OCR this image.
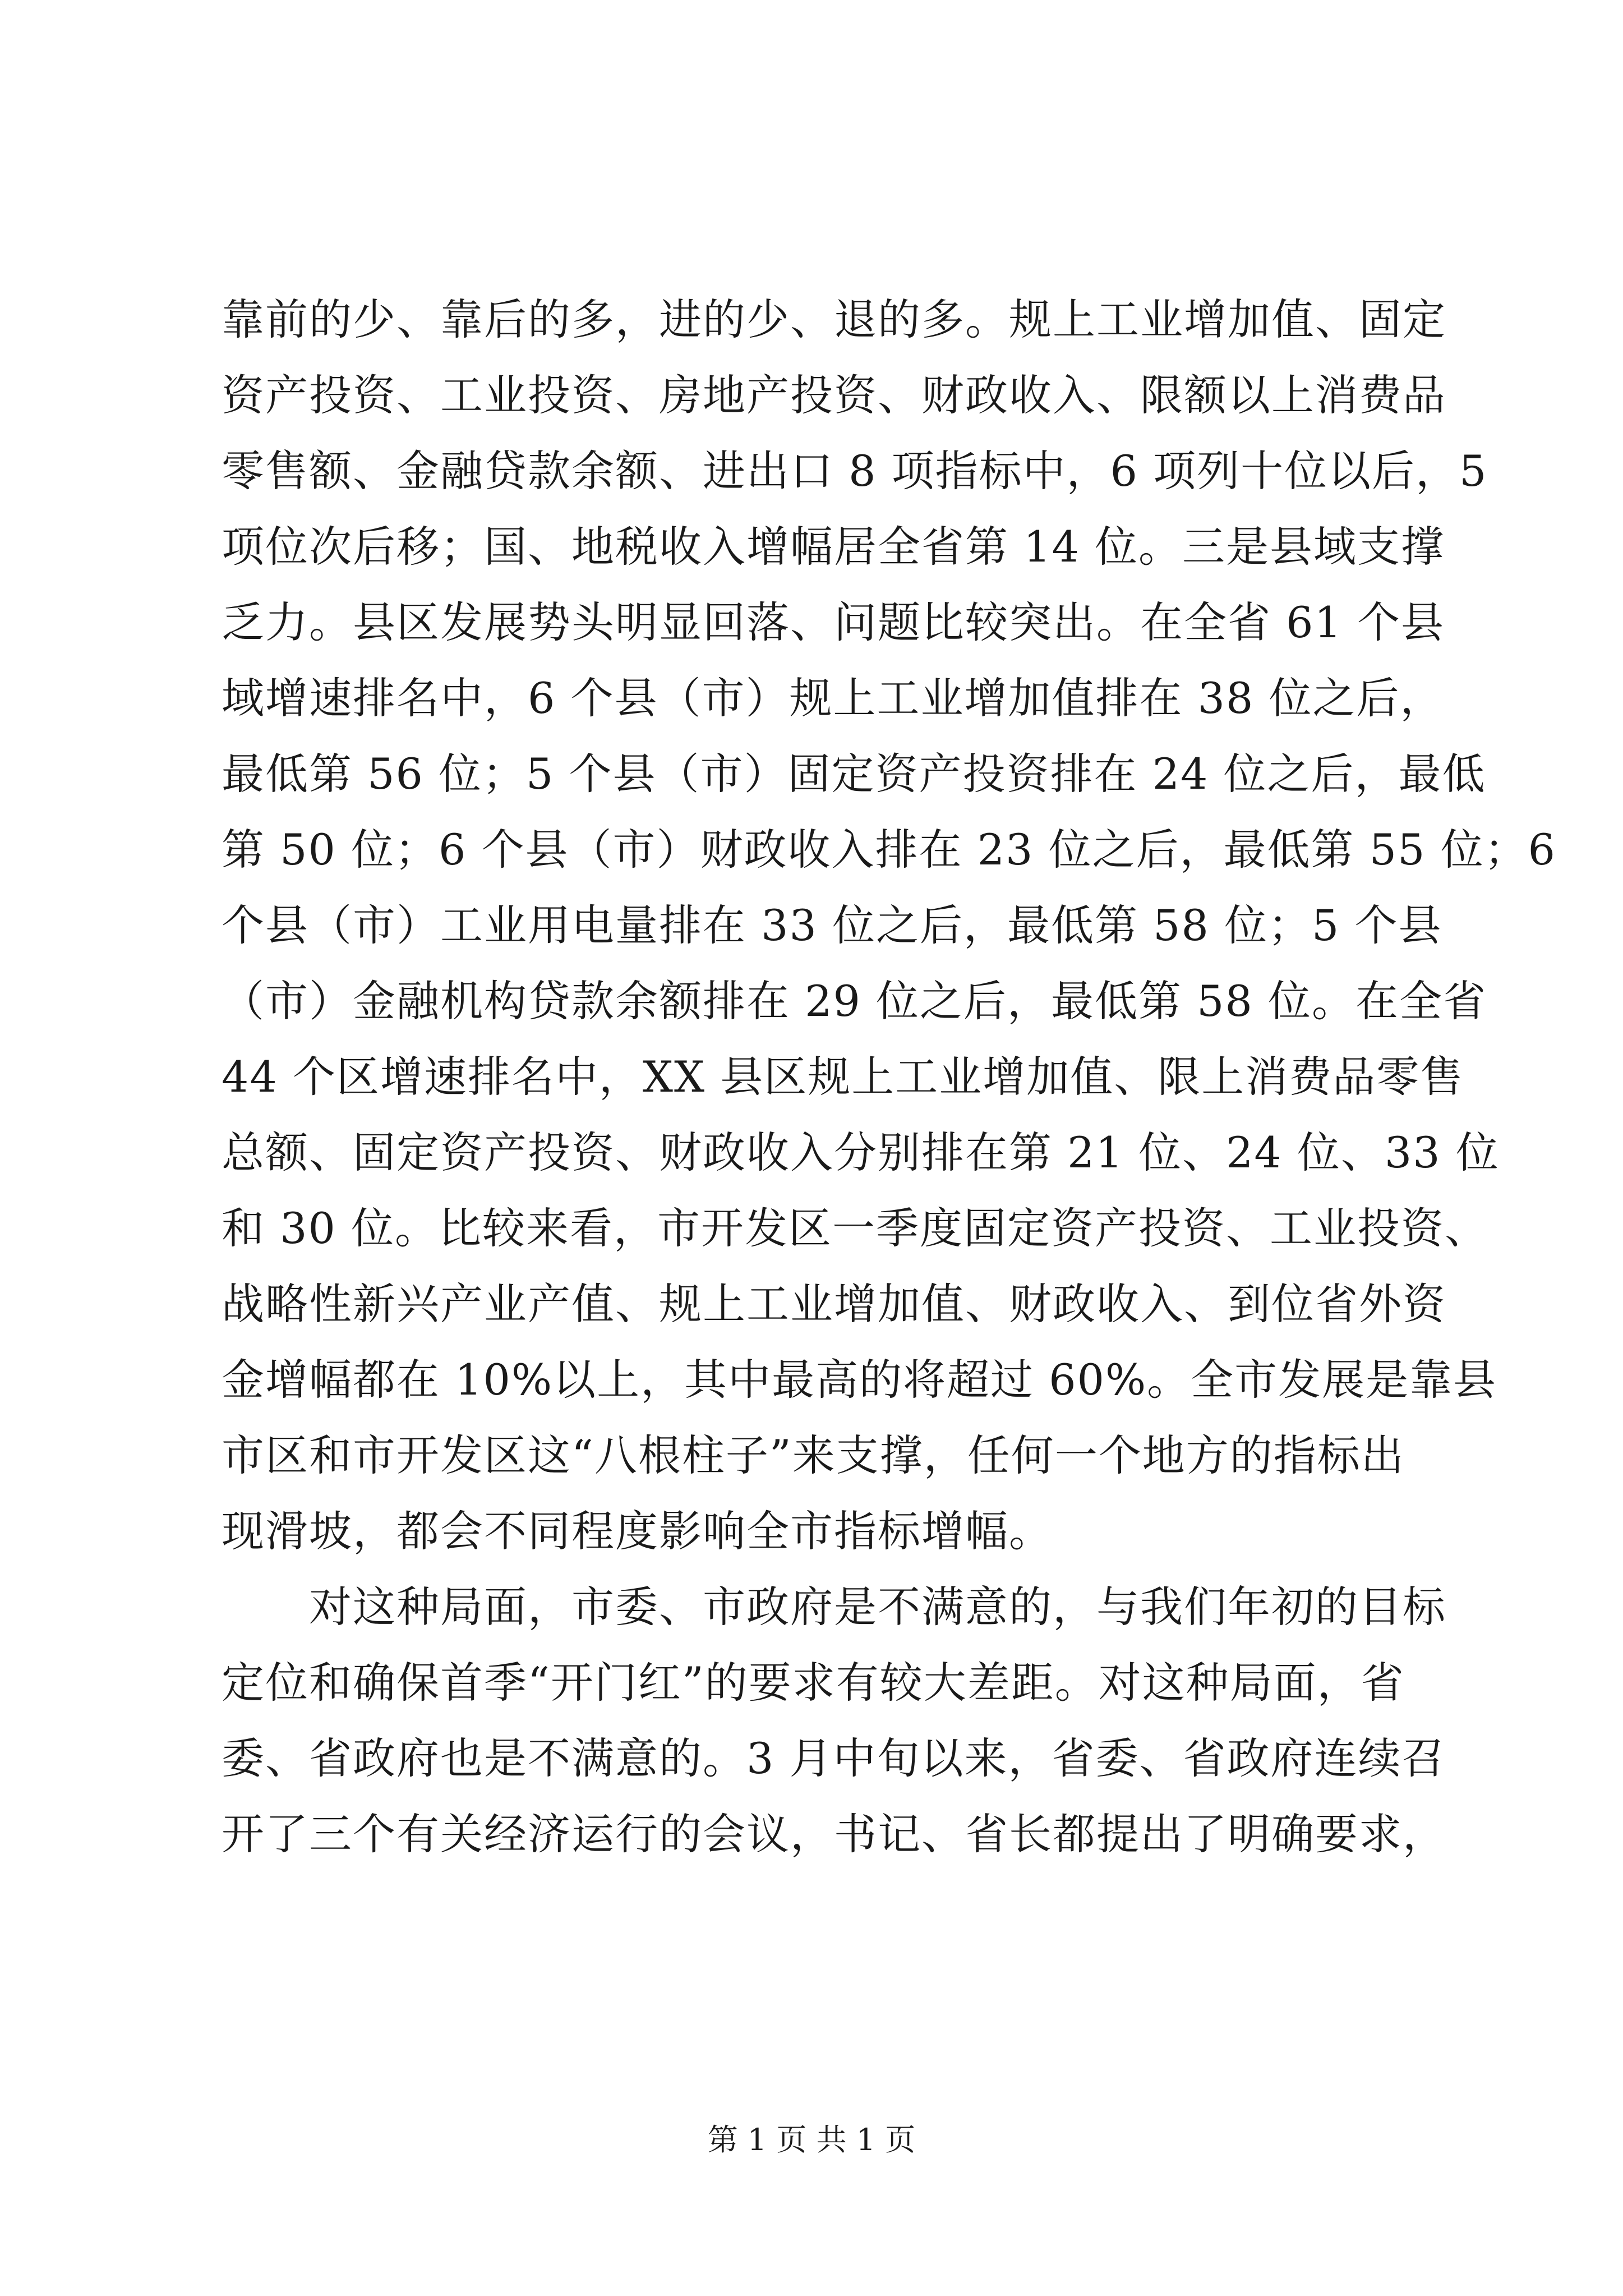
靠前的少、靠后的多，进的少、退的多。规上工业增加值、固定
资产投资、工业投资、房地产投资、财政收入、限额以上消费品
零售额、金融贷款余额、进出口 8 项指标中，6 项列十位以后，5
项位次后移；国、地税收入增幅居全省第 14 位。三是县域支撑
乏力。县区发展势头明显回落、问题比较突出。在全省 61 个县
域增速排名中，6 个县（市）规上工业增加值排在 38 位之后，
最低第 56 位；5 个县（市）固定资产投资排在 24 位之后，最低
第 50 位；6 个县（市）财政收入排在 23 位之后，最低第 55 位；6
个县（市）工业用电量排在 33 位之后，最低第 58 位；5 个县
（市）金融机构贷款余额排在 29 位之后，最低第 58 位。在全省
44 个区增速排名中，XX 县区规上工业增加值、限上消费品零售
总额、固定资产投资、财政收入分别排在第 21 位、24 位、33 位
和 30 位。比较来看，市开发区一季度固定资产投资、工业投资、
战略性新兴产业产值、规上工业增加值、财政收入、到位省外资
金增幅都在 10%以上，其中最高的将超过 60%。全市发展是靠县
市区和市开发区这“八根柱子”来支撑，任何一个地方的指标出
现滑坡，都会不同程度影响全市指标增幅。
　　对这种局面，市委、市政府是不满意的，与我们年初的目标
定位和确保首季“开门红”的要求有较大差距。对这种局面，省
委、省政府也是不满意的。3 月中旬以来，省委、省政府连续召
开了三个有关经济运行的会议，书记、省长都提出了明确要求，
第 1 页 共 1 页
